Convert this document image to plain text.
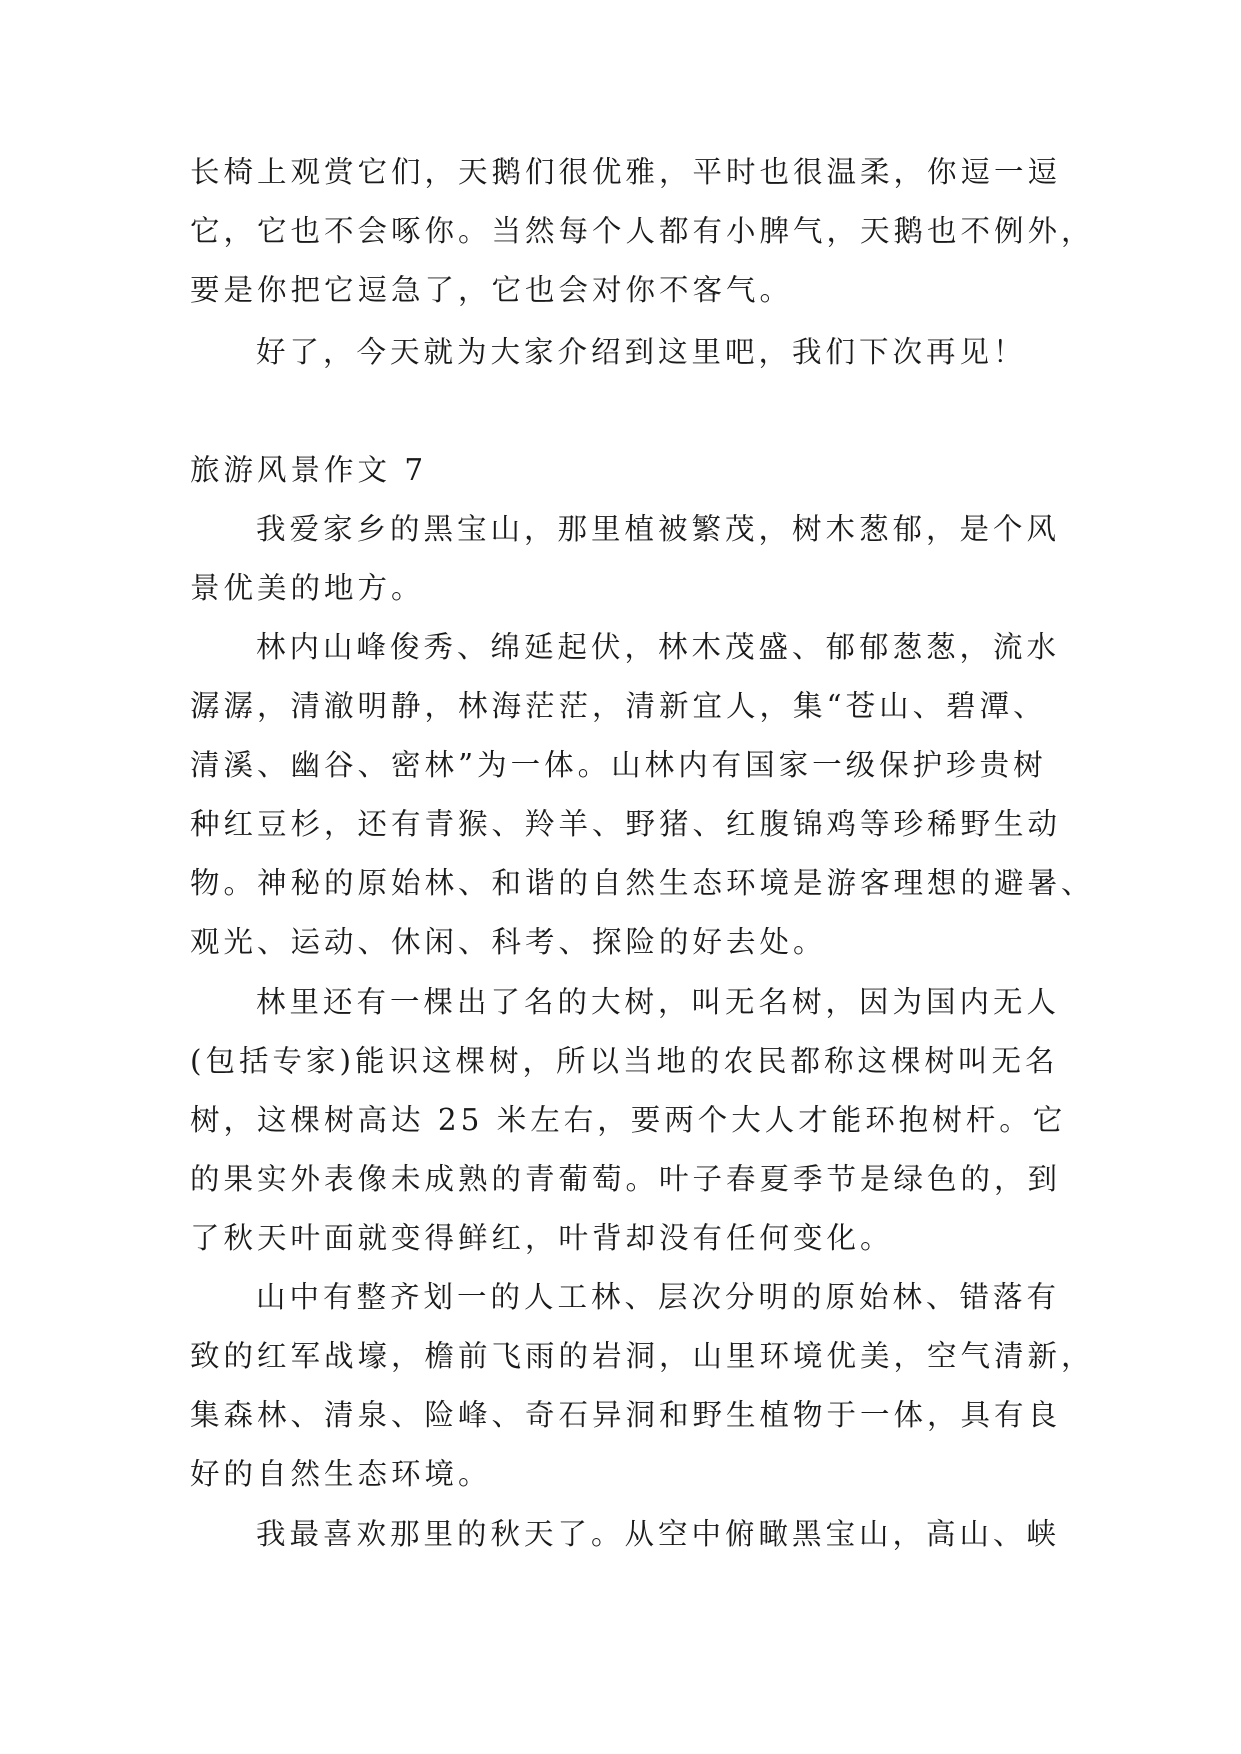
长椅上观赏它们，天鹅们很优雅，平时也很温柔，你逗一逗
它，它也不会啄你。当然每个人都有小脾气，天鹅也不例外，
要是你把它逗急了，它也会对你不客气。
好了，今天就为大家介绍到这里吧，我们下次再见！
旅游风景作文 7
我爱家乡的黑宝山，那里植被繁茂，树木葱郁，是个风
景优美的地方。
林内山峰俊秀、绵延起伏，林木茂盛、郁郁葱葱，流水
潺潺，清澈明静，林海茫茫，清新宜人，集“苍山、碧潭、
清溪、幽谷、密林”为一体。山林内有国家一级保护珍贵树
种红豆杉，还有青猴、羚羊、野猪、红腹锦鸡等珍稀野生动
物。神秘的原始林、和谐的自然生态环境是游客理想的避暑、
观光、运动、休闲、科考、探险的好去处。
林里还有一棵出了名的大树，叫无名树，因为国内无人
(包括专家)能识这棵树，所以当地的农民都称这棵树叫无名
树，这棵树高达 25 米左右，要两个大人才能环抱树杆。它
的果实外表像未成熟的青葡萄。叶子春夏季节是绿色的，到
了秋天叶面就变得鲜红，叶背却没有任何变化。
山中有整齐划一的人工林、层次分明的原始林、错落有
致的红军战壕，檐前飞雨的岩洞，山里环境优美，空气清新，
集森林、清泉、险峰、奇石异洞和野生植物于一体，具有良
好的自然生态环境。
我最喜欢那里的秋天了。从空中俯瞰黑宝山，高山、峡
